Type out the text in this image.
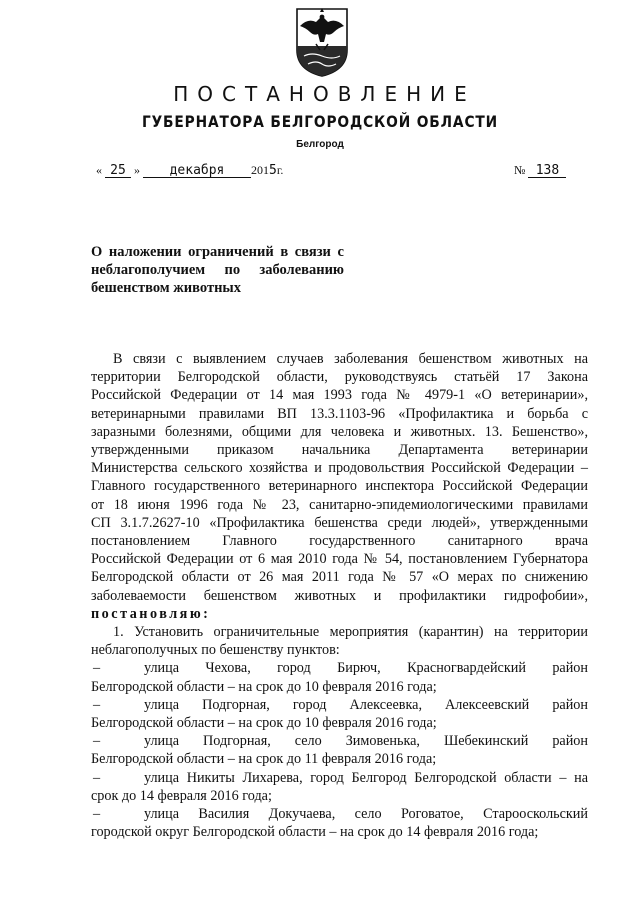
ПОСТАНОВЛЕНИЕ
ГУБЕРНАТОРА БЕЛГОРОДСКОЙ ОБЛАСТИ
Белгород
« 25 » декабря 2015г.	№ 138
О наложении ограничений в связи с
неблагополучием по заболеванию
бешенством животных
В связи с выявлением случаев заболевания бешенством животных на
территории Белгородской области, руководствуясь статьёй 17 Закона
Российской Федерации от 14 мая 1993 года № 4979-1 «О ветеринарии»,
ветеринарными правилами ВП 13.3.1103-96 «Профилактика и борьба с
заразными болезнями, общими для человека и животных. 13. Бешенство»,
утвержденными приказом начальника Департамента ветеринарии
Министерства сельского хозяйства и продовольствия Российской Федерации –
Главного государственного ветеринарного инспектора Российской Федерации
от 18 июня 1996 года № 23, санитарно-эпидемиологическими правилами
СП 3.1.7.2627-10 «Профилактика бешенства среди людей», утвержденными
постановлением Главного государственного санитарного врача
Российской Федерации от 6 мая 2010 года № 54, постановлением Губернатора
Белгородской области от 26 мая 2011 года № 57 «О мерах по снижению
заболеваемости бешенством животных и профилактики гидрофобии»,
постановляю:
1. Установить ограничительные мероприятия (карантин) на территории
неблагополучных по бешенству пунктов:
–	улица Чехова, город Бирюч, Красногвардейский район
Белгородской области – на срок до 10 февраля 2016 года;
–	улица Подгорная, город Алексеевка, Алексеевский район
Белгородской области – на срок до 10 февраля 2016 года;
–	улица Подгорная, село Зимовенька, Шебекинский район
Белгородской области – на срок до 11 февраля 2016 года;
–	улица Никиты Лихарева, город Белгород Белгородской области – на
срок до 14 февраля 2016 года;
–	улица Василия Докучаева, село Роговатое, Старооскольский
городской округ Белгородской области – на срок до 14 февраля 2016 года;
